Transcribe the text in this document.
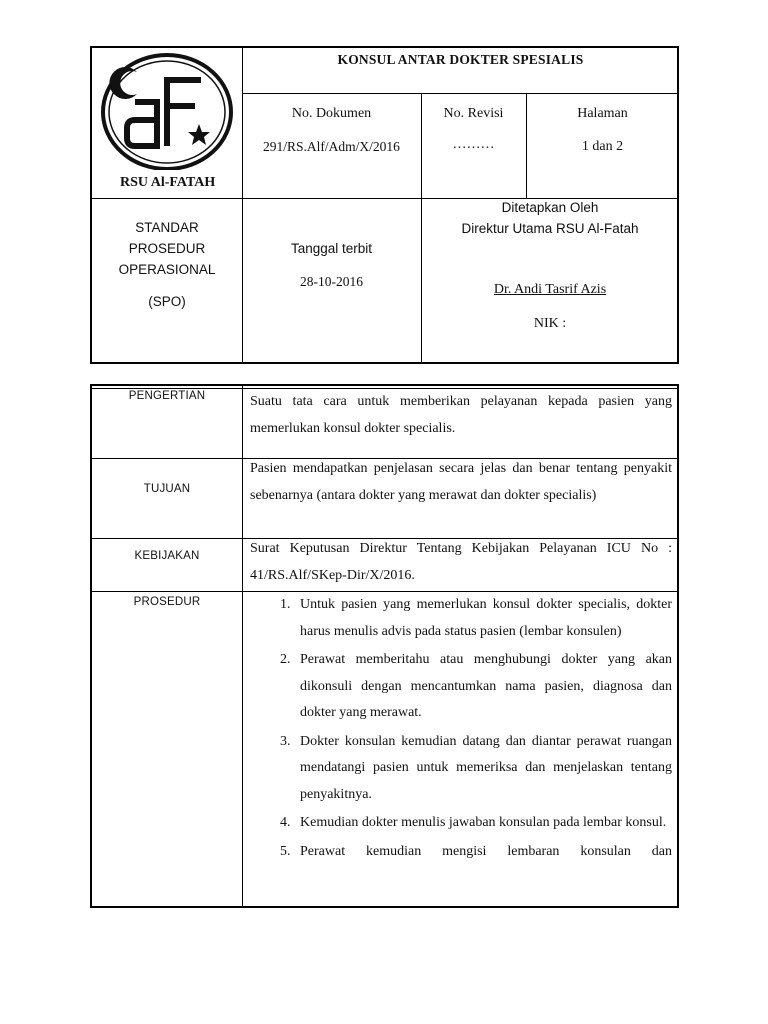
RSU Al-FATAH
KONSUL ANTAR DOKTER SPESIALIS
No. Dokumen
291/RS.Alf/Adm/X/2016
No. Revisi
………
Halaman
1 dan 2
STANDAR
PROSEDUR
OPERASIONAL
(SPO)
Tanggal terbit
28-10-2016
Ditetapkan Oleh
Direktur Utama RSU Al-Fatah
Dr. Andi Tasrif Azis
NIK :
PENGERTIAN	Suatu tata cara untuk memberikan pelayanan kepada pasien yang memerlukan konsul dokter specialis.
TUJUAN
Pasien mendapatkan penjelasan secara jelas dan benar tentang penyakit sebenarnya (antara dokter yang merawat dan dokter specialis)
KEBIJAKAN	Surat Keputusan Direktur Tentang Kebijakan Pelayanan ICU No : 41/RS.Alf/SKep-Dir/X/2016.
PROSEDUR
1.	Untuk pasien yang memerlukan konsul dokter specialis, dokter harus menulis advis pada status pasien (lembar konsulen)
2. Perawat memberitahu atau menghubungi dokter yang akan dikonsuli dengan mencantumkan nama pasien, diagnosa dan dokter yang merawat.
3. Dokter konsulan kemudian datang dan diantar perawat ruangan mendatangi pasien untuk memeriksa dan menjelaskan tentang penyakitnya.
4. Kemudian dokter menulis jawaban konsulan pada lembar konsul.
5. Perawat kemudian mengisi lembaran konsulan dan
